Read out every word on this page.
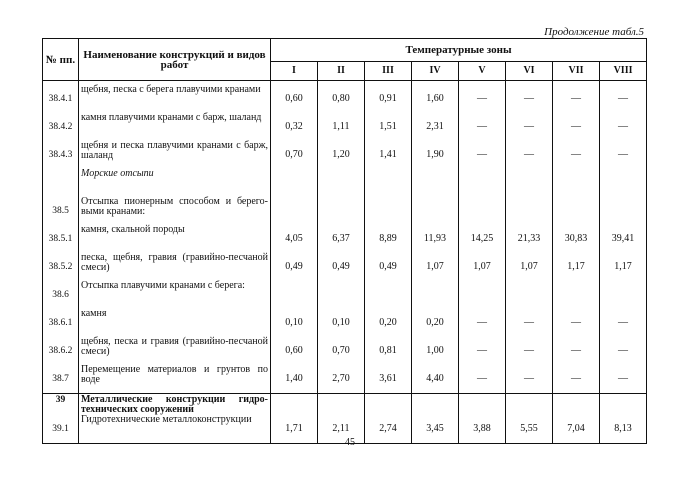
Продолжение табл.5
№ пп.	Наименование конструкций и видов работ	Температурные зоны							
		I	II	III	IV	V	VI	VII	VIII

38.4.1	щебня, песка с берега плавучими кранами	0,60	0,80	0,91	1,60	—	—	—	—
38.4.2	камня плавучими кранами с барж, шаланд	0,32	1,11	1,51	2,31	—	—	—	—
38.4.3	щебня и песка плавучими кранами с барж, шаланд	0,70	1,20	1,41	1,90	—	—	—	—
	Морские отсыпи								
38.5	Отсыпка пионерным способом и берего-выми кранами:								
38.5.1	камня, скальной породы	4,05	6,37	8,89	11,93	14,25	21,33	30,83	39,41
38.5.2	песка, щебня, гравия (гравийно-песчаной смеси)	0,49	0,49	0,49	1,07	1,07	1,07	1,17	1,17
38.6	Отсыпка плавучими кранами с берега:								
38.6.1	камня	0,10	0,10	0,20	0,20	—	—	—	—
38.6.2	щебня, песка и гравия (гравийно-песчаной смеси)	0,60	0,70	0,81	1,00	—	—	—	—
38.7	Перемещение материалов и грунтов по воде	1,40	2,70	3,61	4,40	—	—	—	—
39	Металлические конструкции гидро-технических сооружений								
39.1	Гидротехнические металлоконструкции	1,71	2,11	2,74	3,45	3,88	5,55	7,04	8,13
45
